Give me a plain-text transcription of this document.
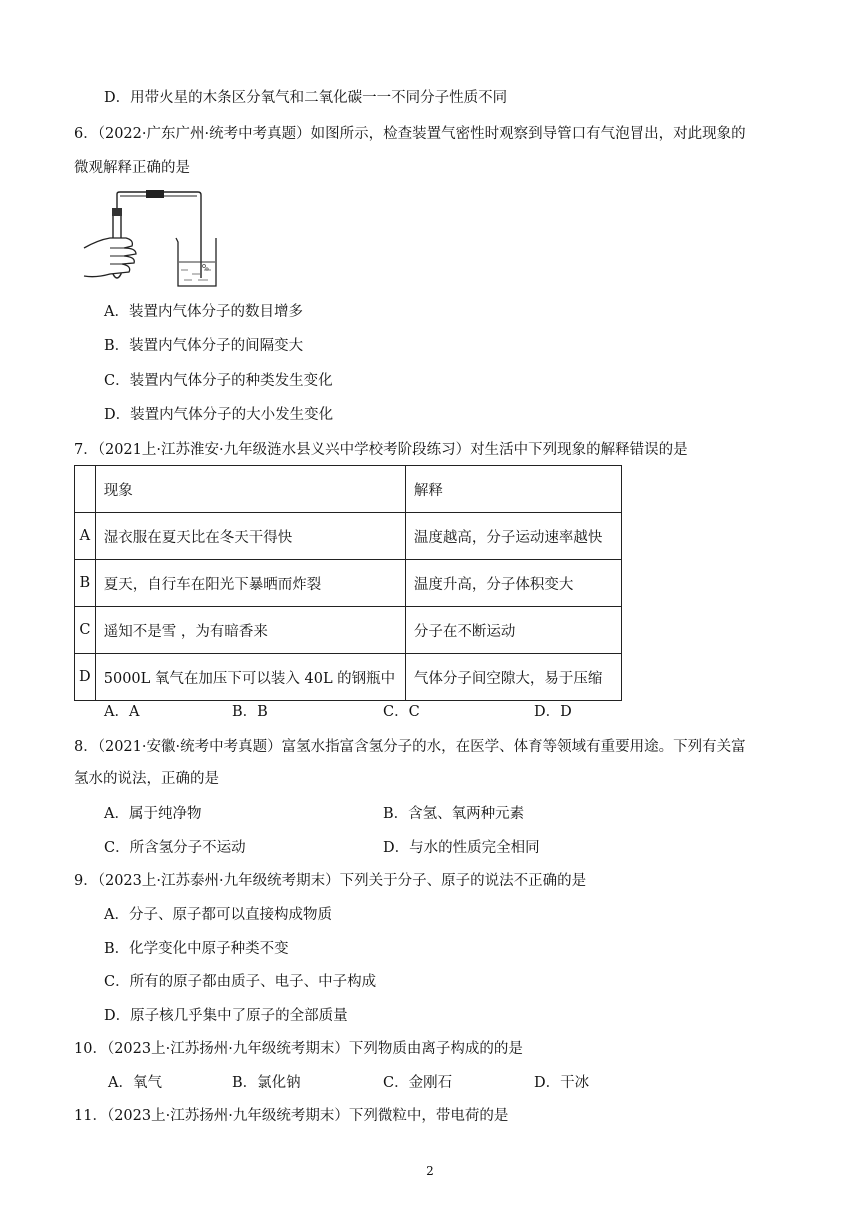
D．用带火星的木条区分氧气和二氧化碳一一不同分子性质不同
6．（2022·广东广州·统考中考真题）如图所示，检查装置气密性时观察到导管口有气泡冒出，对此现象的
微观解释正确的是
A．装置内气体分子的数目增多
B．装置内气体分子的间隔变大
C．装置内气体分子的种类发生变化
D．装置内气体分子的大小发生变化
7．（2021上·江苏淮安·九年级涟水县义兴中学校考阶段练习）对生活中下列现象的解释错误的是
	现象	解释
A	湿衣服在夏天比在冬天干得快	温度越高，分子运动速率越快
B	夏天，自行车在阳光下暴晒而炸裂	温度升高，分子体积变大
C	遥知不是雪 ，为有暗香来	分子在不断运动
D	5000L 氧气在加压下可以装入 40L 的钢瓶中	气体分子间空隙大，易于压缩
A．A	B．B	C．C	D．D
8．（2021·安徽·统考中考真题）富氢水指富含氢分子的水，在医学、体育等领域有重要用途。下列有关富
氢水的说法，正确的是
A．属于纯净物	B．含氢、氧两种元素
C．所含氢分子不运动	D．与水的性质完全相同
9．（2023上·江苏泰州·九年级统考期末）下列关于分子、原子的说法不正确的是
A．分子、原子都可以直接构成物质
B．化学变化中原子种类不变
C．所有的原子都由质子、电子、中子构成
D．原子核几乎集中了原子的全部质量
10．（2023上·江苏扬州·九年级统考期末）下列物质由离子构成的的是
A．氧气	B．氯化钠	C．金刚石	D．干冰
11．（2023上·江苏扬州·九年级统考期末）下列微粒中，带电荷的是
2
